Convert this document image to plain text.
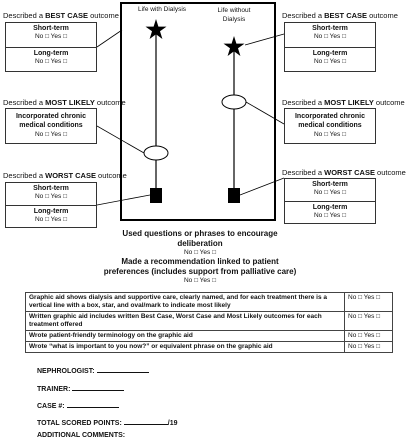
Described a BEST CASE outcome
Short-term
No □ Yes □
Long-term
No □ Yes □
Described a MOST LIKELY outcome
Incorporated chronic medical conditions
No □ Yes □
Described a WORST CASE outcome
Short-term
No □ Yes □
Long-term
No □ Yes □
Described a BEST CASE outcome
Short-term
No □ Yes □
Long-term
No □ Yes □
Described a MOST LIKELY outcome
Incorporated chronic medical conditions
No □ Yes □
Described a WORST CASE outcome
Short-term
No □ Yes □
Long-term
No □ Yes □
Life with Dialysis	Life without
Dialysis
Used questions or phrases to encourage
deliberation
No □ Yes □
Made a recommendation linked to patient
preferences (includes support from palliative care)
No □ Yes □
Graphic aid shows dialysis and supportive care, clearly named, and for each treatment there is a vertical line with a box, star, and oval/mark to indicate most likely	No □ Yes □
Written graphic aid includes written Best Case, Worst Case and Most Likely outcomes for each treatment offered	No □ Yes □
Wrote patient-friendly terminology on the graphic aid	No □ Yes □
Wrote “what is important to you now?” or equivalent phrase on the graphic aid	No □ Yes □
NEPHROLOGIST:
TRAINER:
CASE #:
TOTAL SCORED POINTS:	/19
ADDITIONAL COMMENTS:
